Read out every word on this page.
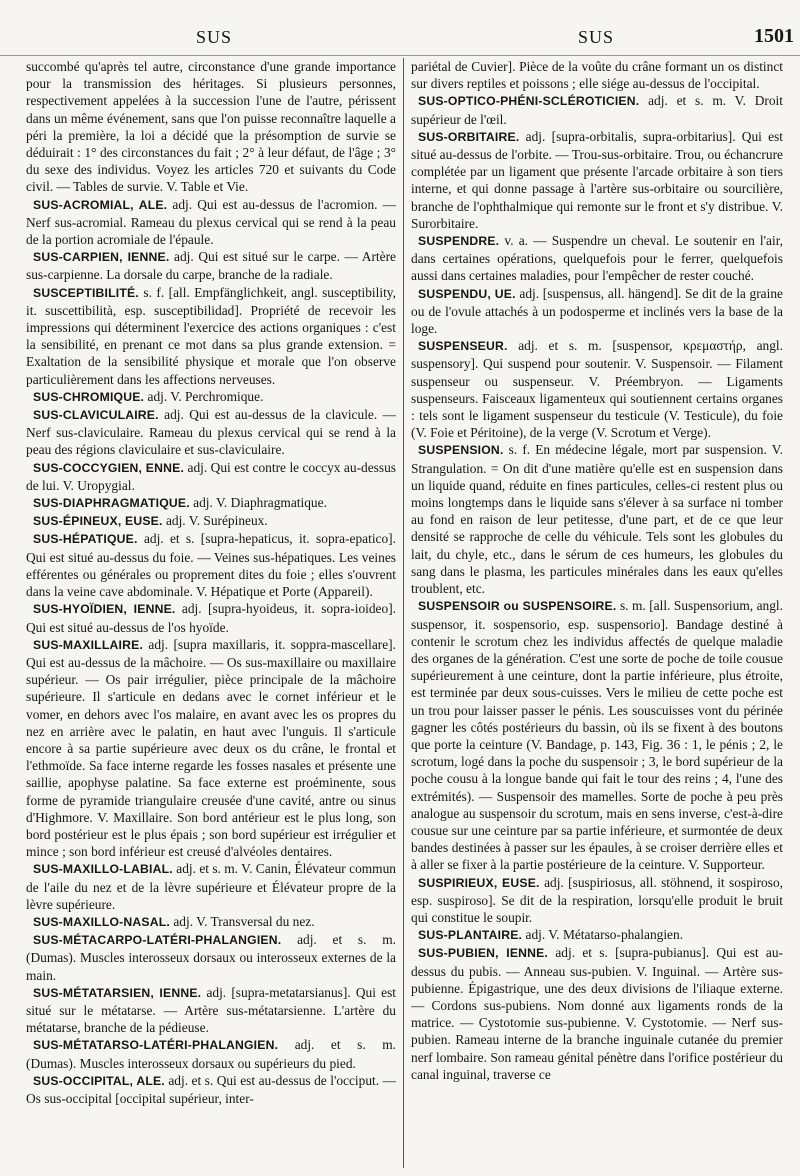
SUS	SUS	1501

succombé qu'après tel autre, circonstance d'une grande importance pour la transmission des héritages. Si plusieurs personnes, respectivement appelées à la succession l'une de l'autre, périssent dans un même événement, sans que l'on puisse reconnaître laquelle a péri la première, la loi a décidé que la présomption de survie se déduirait : 1° des circonstances du fait ; 2° à leur défaut, de l'âge ; 3° du sexe des individus. Voyez les articles 720 et suivants du Code civil. — Tables de survie. V. Table et Vie.

SUS-ACROMIAL, ALE. adj. Qui est au-dessus de l'acromion. — Nerf sus-acromial. Rameau du plexus cervical qui se rend à la peau de la portion acromiale de l'épaule.

SUS-CARPIEN, IENNE. adj. Qui est situé sur le carpe. — Artère sus-carpienne. La dorsale du carpe, branche de la radiale.

SUSCEPTIBILITÉ. s. f. [all. Empfänglichkeit, angl. susceptibility, it. suscettibilità, esp. susceptibilidad]. Propriété de recevoir les impressions qui déterminent l'exercice des actions organiques : c'est la sensibilité, en prenant ce mot dans sa plus grande extension. = Exaltation de la sensibilité physique et morale que l'on observe particulièrement dans les affections nerveuses.

SUS-CHROMIQUE. adj. V. Perchromique.

SUS-CLAVICULAIRE. adj. Qui est au-dessus de la clavicule. — Nerf sus-claviculaire. Rameau du plexus cervical qui se rend à la peau des régions claviculaire et sus-claviculaire.

SUS-COCCYGIEN, ENNE. adj. Qui est contre le coccyx au-dessus de lui. V. Uropygial.

SUS-DIAPHRAGMATIQUE. adj. V. Diaphragmatique.

SUS-ÉPINEUX, EUSE. adj. V. Surépineux.

SUS-HÉPATIQUE. adj. et s. [supra-hepaticus, it. sopra-epatico]. Qui est situé au-dessus du foie. — Veines sus-hépatiques. Les veines efférentes ou générales ou proprement dites du foie ; elles s'ouvrent dans la veine cave abdominale. V. Hépatique et Porte (Appareil).

SUS-HYOÏDIEN, IENNE. adj. [supra-hyoideus, it. sopra-ioideo]. Qui est situé au-dessus de l'os hyoïde.

SUS-MAXILLAIRE. adj. [supra maxillaris, it. soppra-mascellare]. Qui est au-dessus de la mâchoire. — Os sus-maxillaire ou maxillaire supérieur. — Os pair irrégulier, pièce principale de la mâchoire supérieure. Il s'articule en dedans avec le cornet inférieur et le vomer, en dehors avec l'os malaire, en avant avec les os propres du nez en arrière avec le palatin, en haut avec l'unguis. Il s'articule encore à sa partie supérieure avec deux os du crâne, le frontal et l'ethmoïde. Sa face interne regarde les fosses nasales et présente une saillie, apophyse palatine. Sa face externe est proéminente, sous forme de pyramide triangulaire creusée d'une cavité, antre ou sinus d'Highmore. V. Maxillaire. Son bord antérieur est le plus long, son bord postérieur est le plus épais ; son bord supérieur est irrégulier et mince ; son bord inférieur est creusé d'alvéoles dentaires.

SUS-MAXILLO-LABIAL. adj. et s. m. V. Canin, Élévateur commun de l'aile du nez et de la lèvre supérieure et Élévateur propre de la lèvre supérieure.

SUS-MAXILLO-NASAL. adj. V. Transversal du nez.

SUS-MÉTACARPO-LATÉRI-PHALANGIEN. adj. et s. m. (Dumas). Muscles interosseux dorsaux ou interosseux externes de la main.

SUS-MÉTATARSIEN, IENNE. adj. [supra-metatarsianus]. Qui est situé sur le métatarse. — Artère sus-métatarsienne. L'artère du métatarse, branche de la pédieuse.

SUS-MÉTATARSO-LATÉRI-PHALANGIEN. adj. et s. m. (Dumas). Muscles interosseux dorsaux ou supérieurs du pied.

SUS-OCCIPITAL, ALE. adj. et s. Qui est au-dessus de l'occiput. — Os sus-occipital [occipital supérieur, inter-

pariétal de Cuvier]. Pièce de la voûte du crâne formant un os distinct sur divers reptiles et poissons ; elle siége au-dessus de l'occipital.

SUS-OPTICO-PHÉNI-SCLÉROTICIEN. adj. et s. m. V. Droit supérieur de l'œil.

SUS-ORBITAIRE. adj. [supra-orbitalis, supra-orbitarius]. Qui est situé au-dessus de l'orbite. — Trou-sus-orbitaire. Trou, ou échancrure complétée par un ligament que présente l'arcade orbitaire à son tiers interne, et qui donne passage à l'artère sus-orbitaire ou sourcilière, branche de l'ophthalmique qui remonte sur le front et s'y distribue. V. Surorbitaire.

SUSPENDRE. v. a. — Suspendre un cheval. Le soutenir en l'air, dans certaines opérations, quelquefois pour le ferrer, quelquefois aussi dans certaines maladies, pour l'empêcher de rester couché.

SUSPENDU, UE. adj. [suspensus, all. hängend]. Se dit de la graine ou de l'ovule attachés à un podosperme et inclinés vers la base de la loge.

SUSPENSEUR. adj. et s. m. [suspensor, κρεμαστήρ, angl. suspensory]. Qui suspend pour soutenir. V. Suspensoir. — Filament suspenseur ou suspenseur. V. Préembryon. — Ligaments suspenseurs. Faisceaux ligamenteux qui soutiennent certains organes : tels sont le ligament suspenseur du testicule (V. Testicule), du foie (V. Foie et Péritoine), de la verge (V. Scrotum et Verge).

SUSPENSION. s. f. En médecine légale, mort par suspension. V. Strangulation. = On dit d'une matière qu'elle est en suspension dans un liquide quand, réduite en fines particules, celles-ci restent plus ou moins longtemps dans le liquide sans s'élever à sa surface ni tomber au fond en raison de leur petitesse, d'une part, et de ce que leur densité se rapproche de celle du véhicule. Tels sont les globules du lait, du chyle, etc., dans le sérum de ces humeurs, les globules du sang dans le plasma, les particules minérales dans les eaux qu'elles troublent, etc.

SUSPENSOIR ou SUSPENSOIRE. s. m. [all. Suspensorium, angl. suspensor, it. sospensorio, esp. suspensorio]. Bandage destiné à contenir le scrotum chez les individus affectés de quelque maladie des organes de la génération. C'est une sorte de poche de toile cousue supérieurement à une ceinture, dont la partie inférieure, plus étroite, est terminée par deux sous-cuisses. Vers le milieu de cette poche est un trou pour laisser passer le pénis. Les souscuisses vont du périnée gagner les côtés postérieurs du bassin, où ils se fixent à des boutons que porte la ceinture (V. Bandage, p. 143, Fig. 36 : 1, le pénis ; 2, le scrotum, logé dans la poche du suspensoir ; 3, le bord supérieur de la poche cousu à la longue bande qui fait le tour des reins ; 4, l'une des extrémités). — Suspensoir des mamelles. Sorte de poche à peu près analogue au suspensoir du scrotum, mais en sens inverse, c'est-à-dire cousue sur une ceinture par sa partie inférieure, et surmontée de deux bandes destinées à passer sur les épaules, à se croiser derrière elles et à aller se fixer à la partie postérieure de la ceinture. V. Supporteur.

SUSPIRIEUX, EUSE. adj. [suspiriosus, all. stöhnend, it sospiroso, esp. suspiroso]. Se dit de la respiration, lorsqu'elle produit le bruit qui constitue le soupir.

SUS-PLANTAIRE. adj. V. Métatarso-phalangien.

SUS-PUBIEN, IENNE. adj. et s. [supra-pubianus]. Qui est au-dessus du pubis. — Anneau sus-pubien. V. Inguinal. — Artère sus-pubienne. Épigastrique, une des deux divisions de l'iliaque externe. — Cordons sus-pubiens. Nom donné aux ligaments ronds de la matrice. — Cystotomie sus-pubienne. V. Cystotomie. — Nerf sus-pubien. Rameau interne de la branche inguinale cutanée du premier nerf lombaire. Son rameau génital pénètre dans l'orifice postérieur du canal inguinal, traverse ce
